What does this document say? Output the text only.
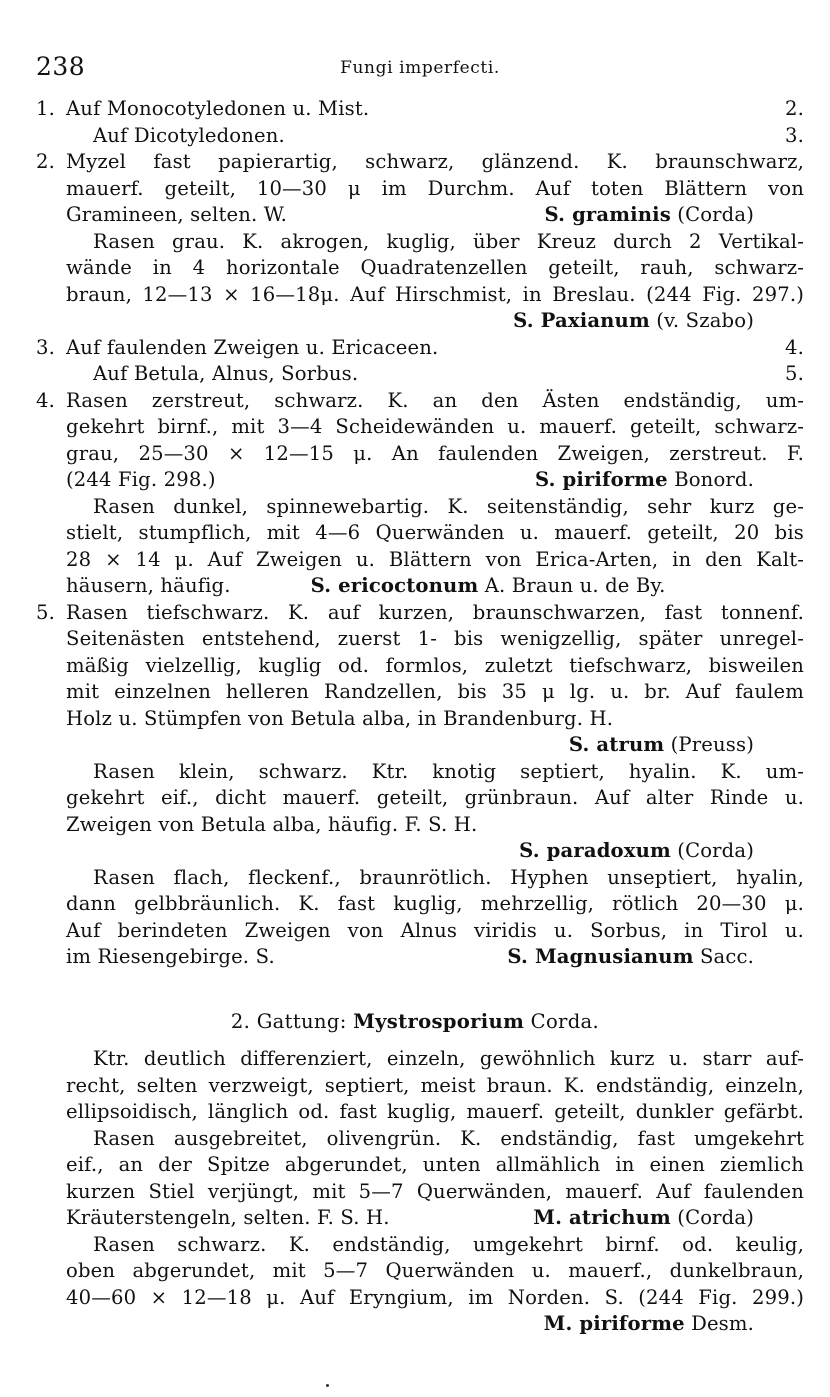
238	Fungi imperfecti.
1. Auf Monocotyledonen u. Mist.	2.
Auf Dicotyledonen.	3.
2. Myzel fast papierartig, schwarz, glänzend. K. braunschwarz,
mauerf. geteilt, 10—30 μ im Durchm. Auf toten Blättern von
Gramineen, selten. W.	S. graminis (Corda)
Rasen grau. K. akrogen, kuglig, über Kreuz durch 2 Vertikal-
wände in 4 horizontale Quadratenzellen geteilt, rauh, schwarz-
braun, 12—13 × 16—18μ. Auf Hirschmist, in Breslau. (244 Fig. 297.)
S. Paxianum (v. Szabo)
3. Auf faulenden Zweigen u. Ericaceen.	4.
Auf Betula, Alnus, Sorbus.	5.
4. Rasen zerstreut, schwarz. K. an den Ästen endständig, um-
gekehrt birnf., mit 3—4 Scheidewänden u. mauerf. geteilt, schwarz-
grau, 25—30 × 12—15 μ. An faulenden Zweigen, zerstreut. F.
(244 Fig. 298.)	S. piriforme Bonord.
Rasen dunkel, spinnewebartig. K. seitenständig, sehr kurz ge-
stielt, stumpflich, mit 4—6 Querwänden u. mauerf. geteilt, 20 bis
28 × 14 μ. Auf Zweigen u. Blättern von Erica-Arten, in den Kalt-
häusern, häufig.	S. ericoctonum A. Braun u. de By.
5. Rasen tiefschwarz. K. auf kurzen, braunschwarzen, fast tonnenf.
Seitenästen entstehend, zuerst 1- bis wenigzellig, später unregel-
mäßig vielzellig, kuglig od. formlos, zuletzt tiefschwarz, bisweilen
mit einzelnen helleren Randzellen, bis 35 μ lg. u. br. Auf faulem
Holz u. Stümpfen von Betula alba, in Brandenburg. H.
S. atrum (Preuss)
Rasen klein, schwarz. Ktr. knotig septiert, hyalin. K. um-
gekehrt eif., dicht mauerf. geteilt, grünbraun. Auf alter Rinde u.
Zweigen von Betula alba, häufig. F. S. H.
S. paradoxum (Corda)
Rasen flach, fleckenf., braunrötlich. Hyphen unseptiert, hyalin,
dann gelbbräunlich. K. fast kuglig, mehrzellig, rötlich 20—30 μ.
Auf berindeten Zweigen von Alnus viridis u. Sorbus, in Tirol u.
im Riesengebirge. S.	S. Magnusianum Sacc.
2. Gattung: Mystrosporium Corda.
Ktr. deutlich differenziert, einzeln, gewöhnlich kurz u. starr auf-
recht, selten verzweigt, septiert, meist braun. K. endständig, einzeln,
ellipsoidisch, länglich od. fast kuglig, mauerf. geteilt, dunkler gefärbt.
Rasen ausgebreitet, olivengrün. K. endständig, fast umgekehrt
eif., an der Spitze abgerundet, unten allmählich in einen ziemlich
kurzen Stiel verjüngt, mit 5—7 Querwänden, mauerf. Auf faulenden
Kräuterstengeln, selten. F. S. H.	M. atrichum (Corda)
Rasen schwarz. K. endständig, umgekehrt birnf. od. keulig,
oben abgerundet, mit 5—7 Querwänden u. mauerf., dunkelbraun,
40—60 × 12—18 μ. Auf Eryngium, im Norden. S. (244 Fig. 299.)
M. piriforme Desm.
